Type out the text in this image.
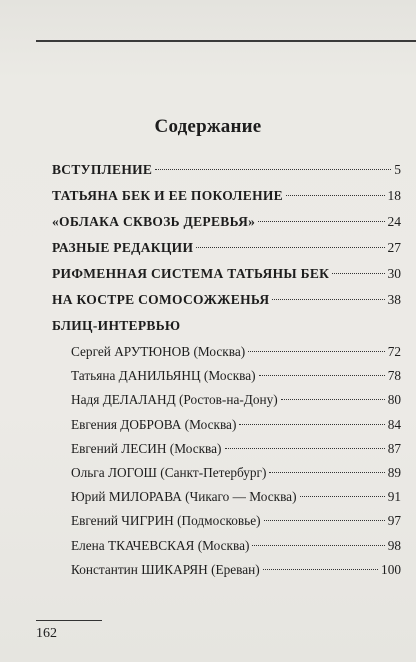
Содержание
ВСТУПЛЕНИЕ	5
ТАТЬЯНА БЕК И ЕЕ ПОКОЛЕНИЕ	18
«ОБЛАКА СКВОЗЬ ДЕРЕВЬЯ»	24
РАЗНЫЕ РЕДАКЦИИ	27
РИФМЕННАЯ СИСТЕМА ТАТЬЯНЫ БЕК	30
НА КОСТРЕ СОМОСОЖЖЕНЬЯ	38
БЛИЦ-ИНТЕРВЬЮ
Сергей АРУТЮНОВ (Москва)	72
Татьяна ДАНИЛЬЯНЦ (Москва)	78
Надя ДЕЛАЛАНД (Ростов-на-Дону)	80
Евгения ДОБРОВА (Москва)	84
Евгений ЛЕСИН (Москва)	87
Ольга ЛОГОШ (Санкт-Петербург)	89
Юрий МИЛОРАВА (Чикаго — Москва)	91
Евгений ЧИГРИН (Подмосковье)	97
Елена ТКАЧЕВСКАЯ (Москва)	98
Константин ШИКАРЯН (Ереван)	100
162
